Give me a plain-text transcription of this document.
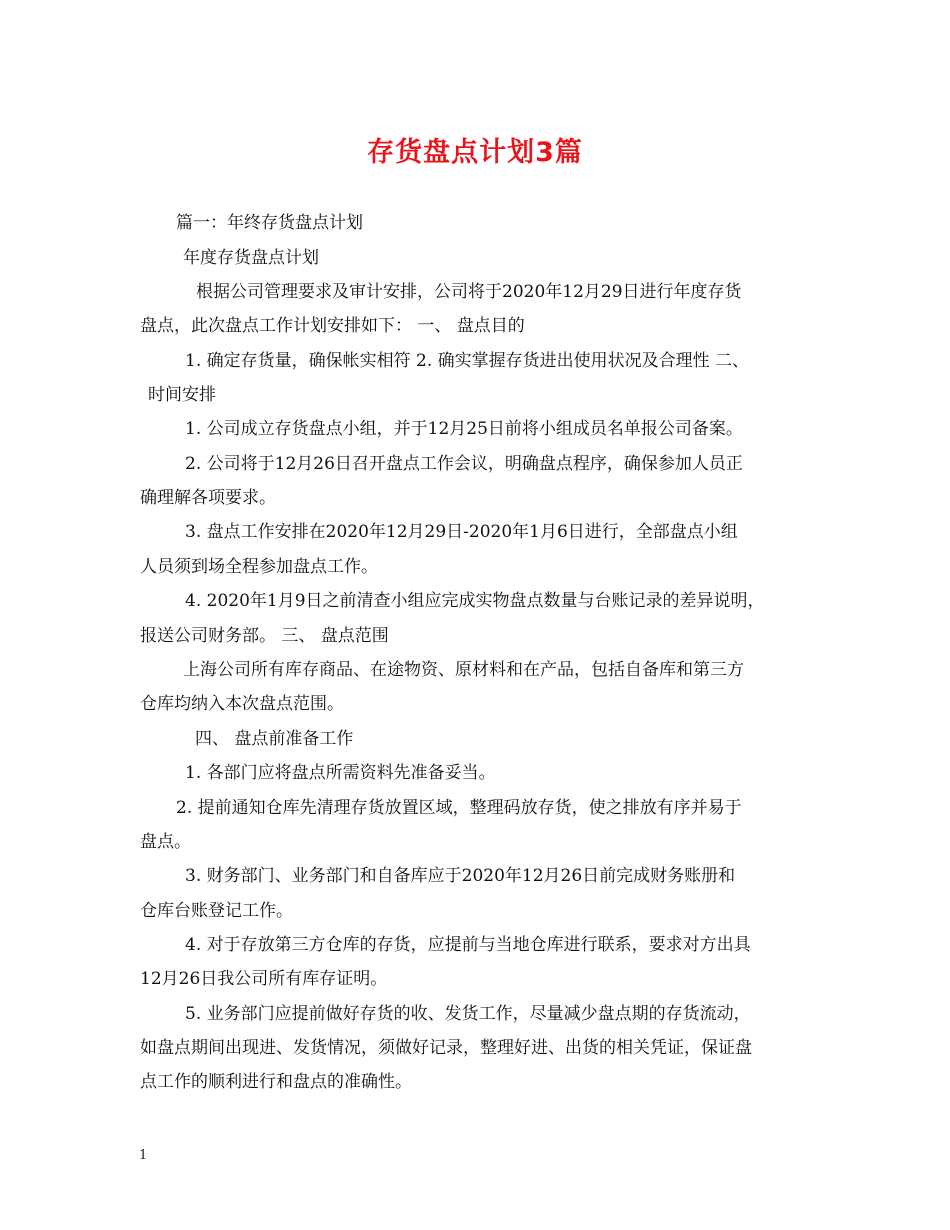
存货盘点计划3篇
篇一：年终存货盘点计划
年度存货盘点计划
根据公司管理要求及审计安排，公司将于2020年12月29日进行年度存货
盘点，此次盘点工作计划安排如下： 一、 盘点目的
1. 确定存货量，确保帐实相符 2. 确实掌握存货进出使用状况及合理性 二、
时间安排
1. 公司成立存货盘点小组，并于12月25日前将小组成员名单报公司备案。
2. 公司将于12月26日召开盘点工作会议，明确盘点程序，确保参加人员正
确理解各项要求。
3. 盘点工作安排在2020年12月29日-2020年1月6日进行，全部盘点小组
人员须到场全程参加盘点工作。
4. 2020年1月9日之前清查小组应完成实物盘点数量与台账记录的差异说明，
报送公司财务部。 三、 盘点范围
上海公司所有库存商品、在途物资、原材料和在产品，包括自备库和第三方
仓库均纳入本次盘点范围。
四、 盘点前准备工作
1. 各部门应将盘点所需资料先准备妥当。
2. 提前通知仓库先清理存货放置区域，整理码放存货，使之排放有序并易于
盘点。
3. 财务部门、业务部门和自备库应于2020年12月26日前完成财务账册和
仓库台账登记工作。
4. 对于存放第三方仓库的存货，应提前与当地仓库进行联系，要求对方出具
12月26日我公司所有库存证明。
5. 业务部门应提前做好存货的收、发货工作，尽量减少盘点期的存货流动，
如盘点期间出现进、发货情况，须做好记录，整理好进、出货的相关凭证，保证盘
点工作的顺利进行和盘点的准确性。
1
